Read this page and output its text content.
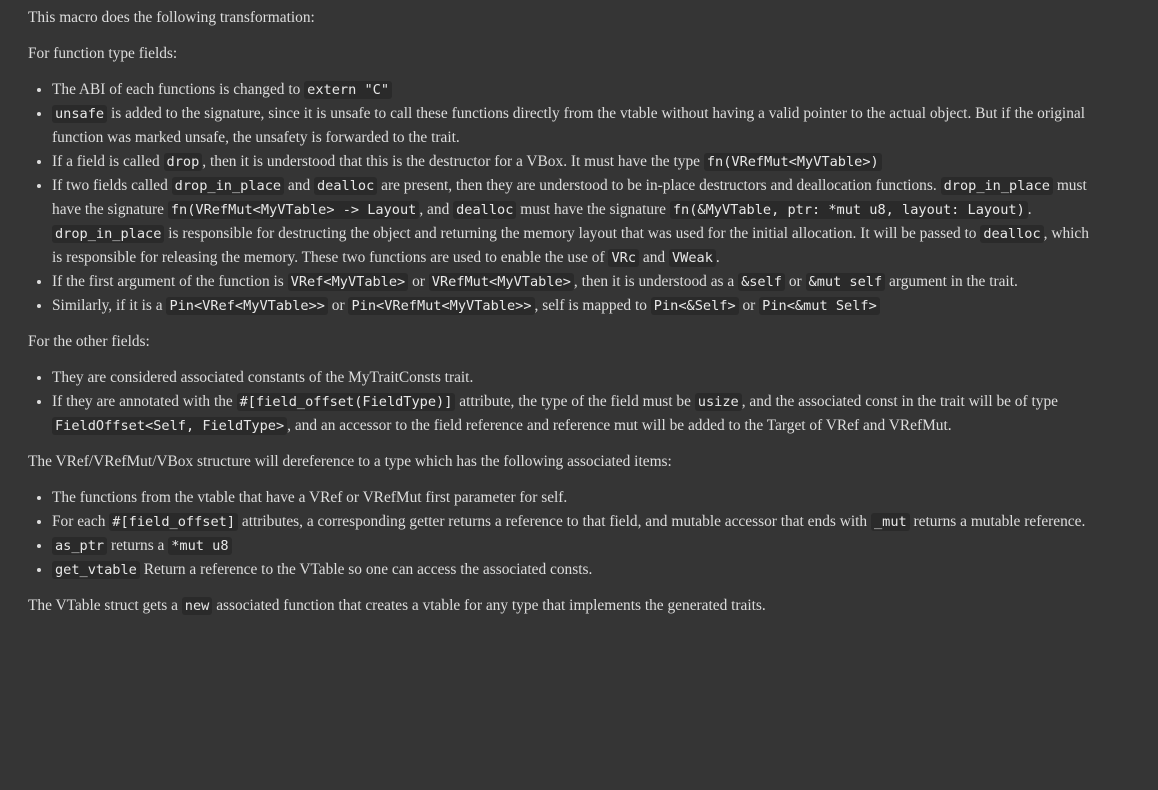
This macro does the following transformation:

For function type fields:

• The ABI of each functions is changed to extern "C"
• unsafe is added to the signature, since it is unsafe to call these functions directly from the vtable without having a valid pointer to the actual object. But if the original function was marked unsafe, the unsafety is forwarded to the trait.
• If a field is called drop , then it is understood that this is the destructor for a VBox. It must have the type fn(VRefMut<MyVTable>)
• If two fields called drop_in_place and dealloc are present, then they are understood to be in-place destructors and deallocation functions. drop_in_place must have the signature fn(VRefMut<MyVTable> -> Layout , and dealloc must have the signature fn(&MyVTable, ptr: *mut u8, layout: Layout) . drop_in_place is responsible for destructing the object and returning the memory layout that was used for the initial allocation. It will be passed to dealloc , which is responsible for releasing the memory. These two functions are used to enable the use of VRc and VWeak .
• If the first argument of the function is VRef<MyVTable> or VRefMut<MyVTable> , then it is understood as a &self or &mut self argument in the trait.
• Similarly, if it is a Pin<VRef<MyVTable>> or Pin<VRefMut<MyVTable>> , self is mapped to Pin<&Self> or Pin<&mut Self>

For the other fields:

• They are considered associated constants of the MyTraitConsts trait.
• If they are annotated with the #[field_offset(FieldType)] attribute, the type of the field must be usize , and the associated const in the trait will be of type FieldOffset<Self, FieldType> , and an accessor to the field reference and reference mut will be added to the Target of VRef and VRefMut.

The VRef/VRefMut/VBox structure will dereference to a type which has the following associated items:

• The functions from the vtable that have a VRef or VRefMut first parameter for self.
• For each #[field_offset] attributes, a corresponding getter returns a reference to that field, and mutable accessor that ends with _mut returns a mutable reference.
• as_ptr returns a *mut u8
• get_vtable Return a reference to the VTable so one can access the associated consts.

The VTable struct gets a new associated function that creates a vtable for any type that implements the generated traits.
